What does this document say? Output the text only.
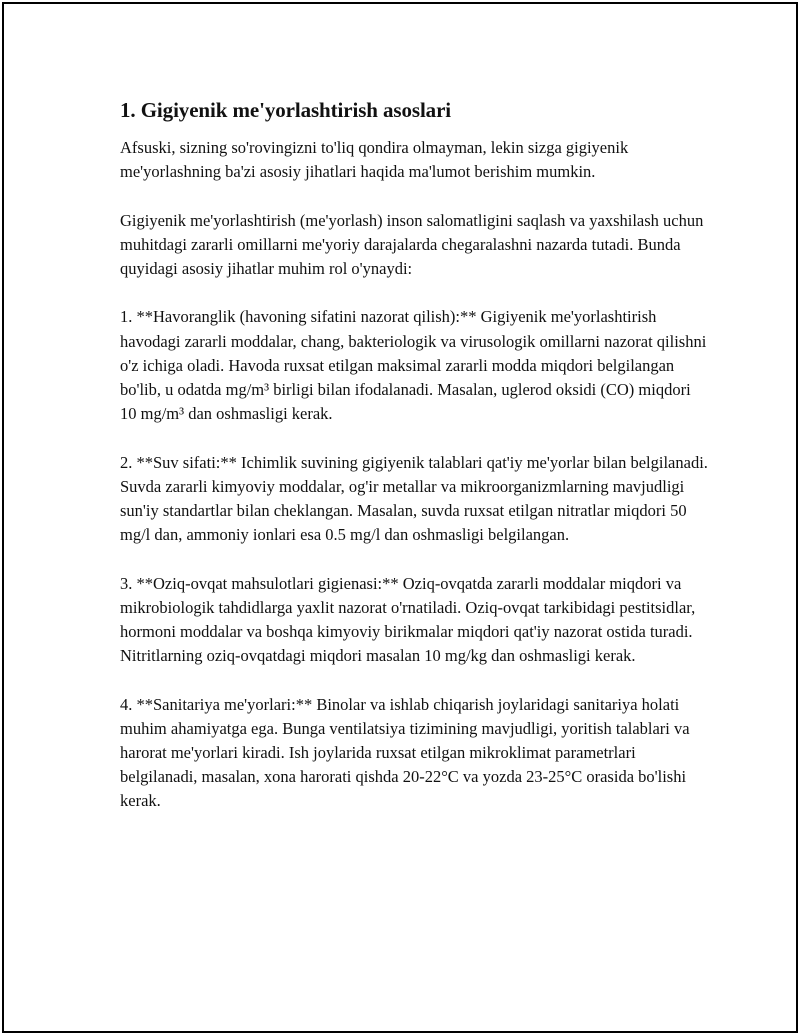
1. Gigiyenik me'yorlashtirish asoslari

Afsuski, sizning so'rovingizni to'liq qondira olmayman, lekin sizga gigiyenik me'yorlashning ba'zi asosiy jihatlari haqida ma'lumot berishim mumkin.

Gigiyenik me'yorlashtirish (me'yorlash) inson salomatligini saqlash va yaxshilash uchun muhitdagi zararli omillarni me'yoriy darajalarda chegaralashni nazarda tutadi. Bunda quyidagi asosiy jihatlar muhim rol o'ynaydi:

1. **Havoranglik (havoning sifatini nazorat qilish):** Gigiyenik me'yorlashtirish havodagi zararli moddalar, chang, bakteriologik va virusologik omillarni nazorat qilishni o'z ichiga oladi. Havoda ruxsat etilgan maksimal zararli modda miqdori belgilangan bo'lib, u odatda mg/m³ birligi bilan ifodalanadi. Masalan, uglerod oksidi (CO) miqdori 10 mg/m³ dan oshmasligi kerak.

2. **Suv sifati:** Ichimlik suvining gigiyenik talablari qat'iy me'yorlar bilan belgilanadi. Suvda zararli kimyoviy moddalar, og'ir metallar va mikroorganizmlarning mavjudligi sun'iy standartlar bilan cheklangan. Masalan, suvda ruxsat etilgan nitratlar miqdori 50 mg/l dan, ammoniy ionlari esa 0.5 mg/l dan oshmasligi belgilangan.

3. **Oziq-ovqat mahsulotlari gigienasi:** Oziq-ovqatda zararli moddalar miqdori va mikrobiologik tahdidlarga yaxlit nazorat o'rnatiladi. Oziq-ovqat tarkibidagi pestitsidlar, hormoni moddalar va boshqa kimyoviy birikmalar miqdori qat'iy nazorat ostida turadi. Nitritlarning oziq-ovqatdagi miqdori masalan 10 mg/kg dan oshmasligi kerak.

4. **Sanitariya me'yorlari:** Binolar va ishlab chiqarish joylaridagi sanitariya holati muhim ahamiyatga ega. Bunga ventilatsiya tizimining mavjudligi, yoritish talablari va harorat me'yorlari kiradi. Ish joylarida ruxsat etilgan mikroklimat parametrlari belgilanadi, masalan, xona harorati qishda 20-22°C va yozda 23-25°C orasida bo'lishi kerak.
